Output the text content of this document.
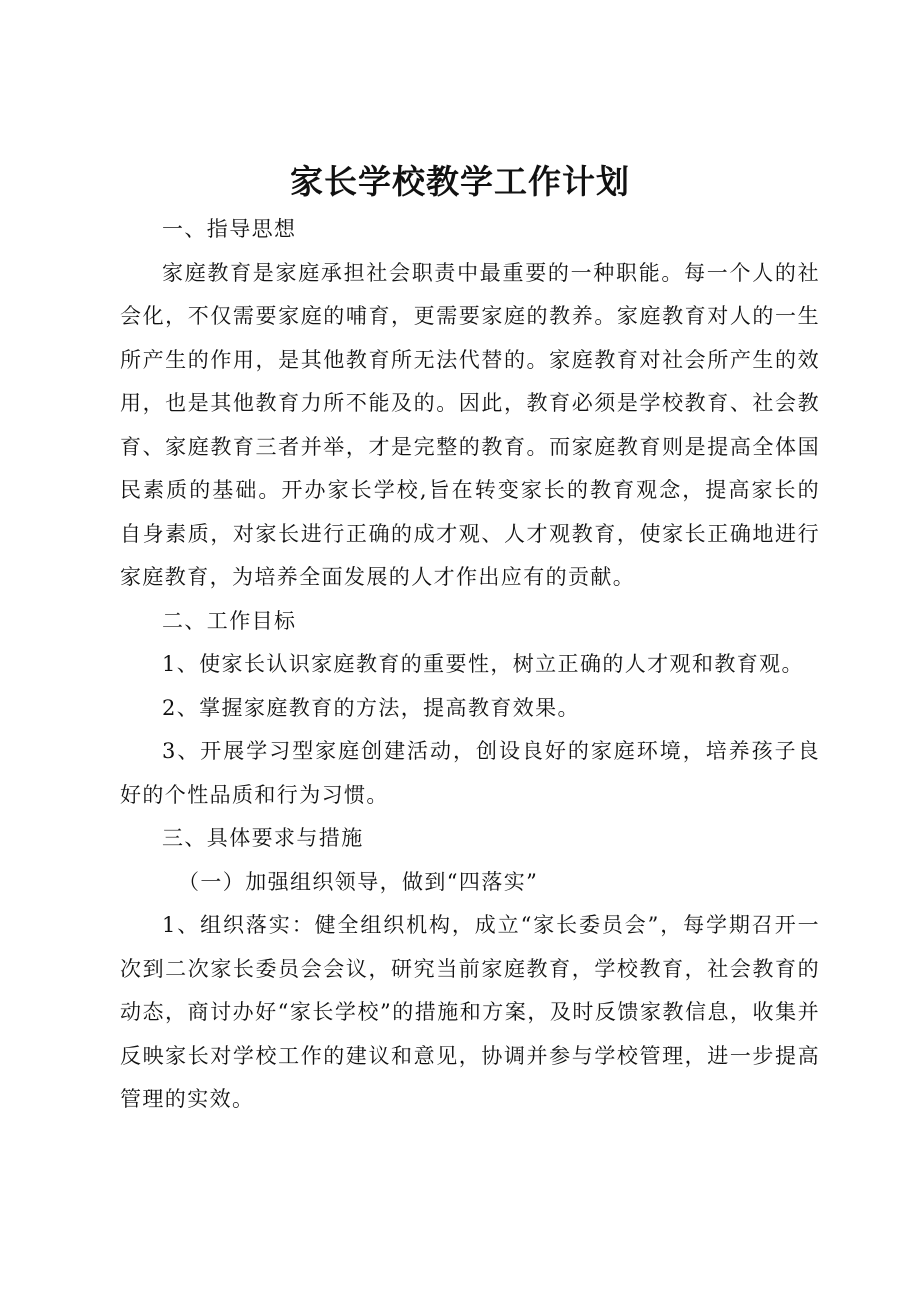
家长学校教学工作计划

一、指导思想

家庭教育是家庭承担社会职责中最重要的一种职能。每一个人的社会化，不仅需要家庭的哺育，更需要家庭的教养。家庭教育对人的一生所产生的作用，是其他教育所无法代替的。家庭教育对社会所产生的效用，也是其他教育力所不能及的。因此，教育必须是学校教育、社会教育、家庭教育三者并举，才是完整的教育。而家庭教育则是提高全体国民素质的基础。开办家长学校,旨在转变家长的教育观念，提高家长的自身素质，对家长进行正确的成才观、人才观教育，使家长正确地进行家庭教育，为培养全面发展的人才作出应有的贡献。

二、工作目标

1、使家长认识家庭教育的重要性，树立正确的人才观和教育观。

2、掌握家庭教育的方法，提高教育效果。

3、开展学习型家庭创建活动，创设良好的家庭环境，培养孩子良好的个性品质和行为习惯。

三、具体要求与措施

（一）加强组织领导，做到“四落实”

1、组织落实：健全组织机构，成立“家长委员会”，每学期召开一次到二次家长委员会会议，研究当前家庭教育，学校教育，社会教育的动态，商讨办好“家长学校”的措施和方案，及时反馈家教信息，收集并反映家长对学校工作的建议和意见，协调并参与学校管理，进一步提高管理的实效。
